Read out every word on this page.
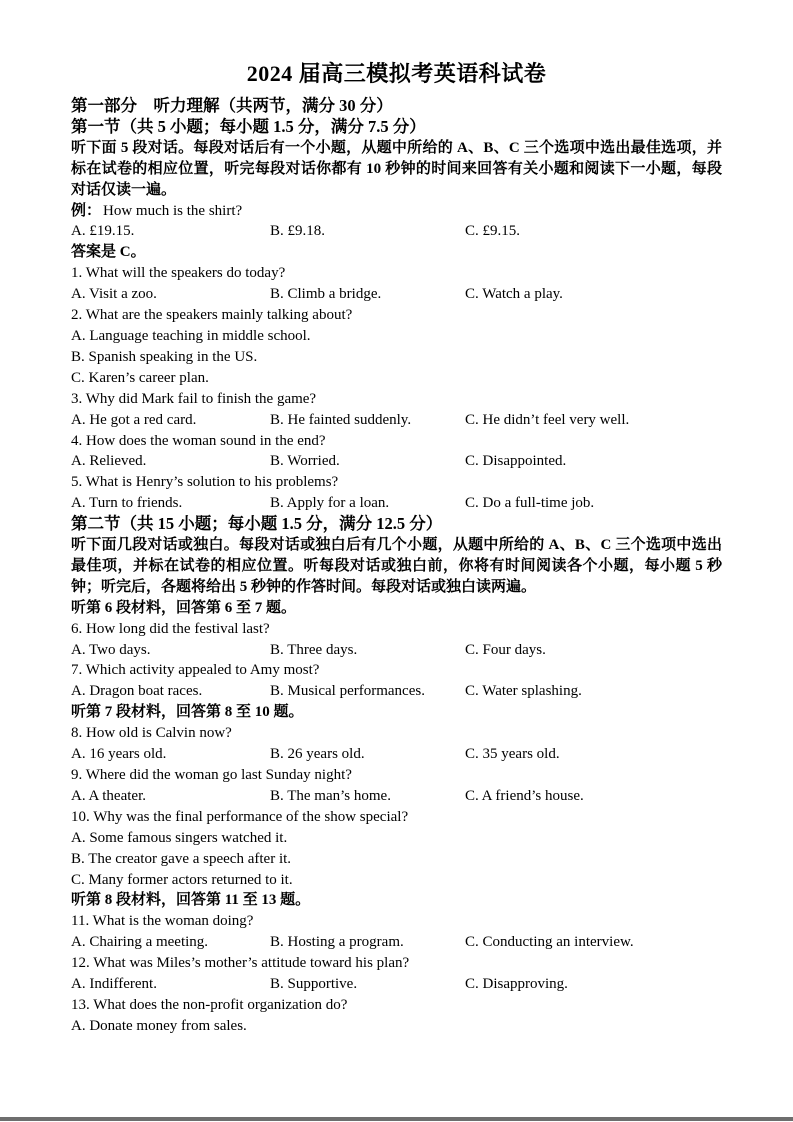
2024 届高三模拟考英语科试卷
第一部分　听力理解（共两节，满分 30 分）
第一节（共 5 小题；每小题 1.5 分，满分 7.5 分）
听下面 5 段对话。每段对话后有一个小题，从题中所给的 A、B、C 三个选项中选出最佳选项，并标在试卷的相应位置，听完每段对话你都有 10 秒钟的时间来回答有关小题和阅读下一小题，每段对话仅读一遍。
例： How much is the shirt?
A. £19.15.	B. £9.18.	C. £9.15.
答案是 C。
1. What will the speakers do today?
A. Visit a zoo.	B. Climb a bridge.	C. Watch a play.
2. What are the speakers mainly talking about?
A. Language teaching in middle school.
B. Spanish speaking in the US.
C. Karen’s career plan.
3. Why did Mark fail to finish the game?
A. He got a red card.	B. He fainted suddenly.	C. He didn’t feel very well.
4. How does the woman sound in the end?
A. Relieved.	B. Worried.	C. Disappointed.
5. What is Henry’s solution to his problems?
A. Turn to friends.	B. Apply for a loan.	C. Do a full-time job.
第二节（共 15 小题；每小题 1.5 分，满分 12.5 分）
听下面几段对话或独白。每段对话或独白后有几个小题，从题中所给的 A、B、C 三个选项中选出最佳项，并标在试卷的相应位置。听每段对话或独白前，你将有时间阅读各个小题，每小题 5 秒钟；听完后，各题将给出 5 秒钟的作答时间。每段对话或独白读两遍。
听第 6 段材料，回答第 6 至 7 题。
6. How long did the festival last?
A. Two days.	B. Three days.	C. Four days.
7. Which activity appealed to Amy most?
A. Dragon boat races.	B. Musical performances.	C. Water splashing.
听第 7 段材料，回答第 8 至 10 题。
8. How old is Calvin now?
A. 16 years old.	B. 26 years old.	C. 35 years old.
9. Where did the woman go last Sunday night?
A. A theater.	B. The man’s home.	C. A friend’s house.
10. Why was the final performance of the show special?
A. Some famous singers watched it.
B. The creator gave a speech after it.
C. Many former actors returned to it.
听第 8 段材料，回答第 11 至 13 题。
11. What is the woman doing?
A. Chairing a meeting.	B. Hosting a program.	C. Conducting an interview.
12. What was Miles’s mother’s attitude toward his plan?
A. Indifferent.	B. Supportive.	C. Disapproving.
13. What does the non-profit organization do?
A. Donate money from sales.
